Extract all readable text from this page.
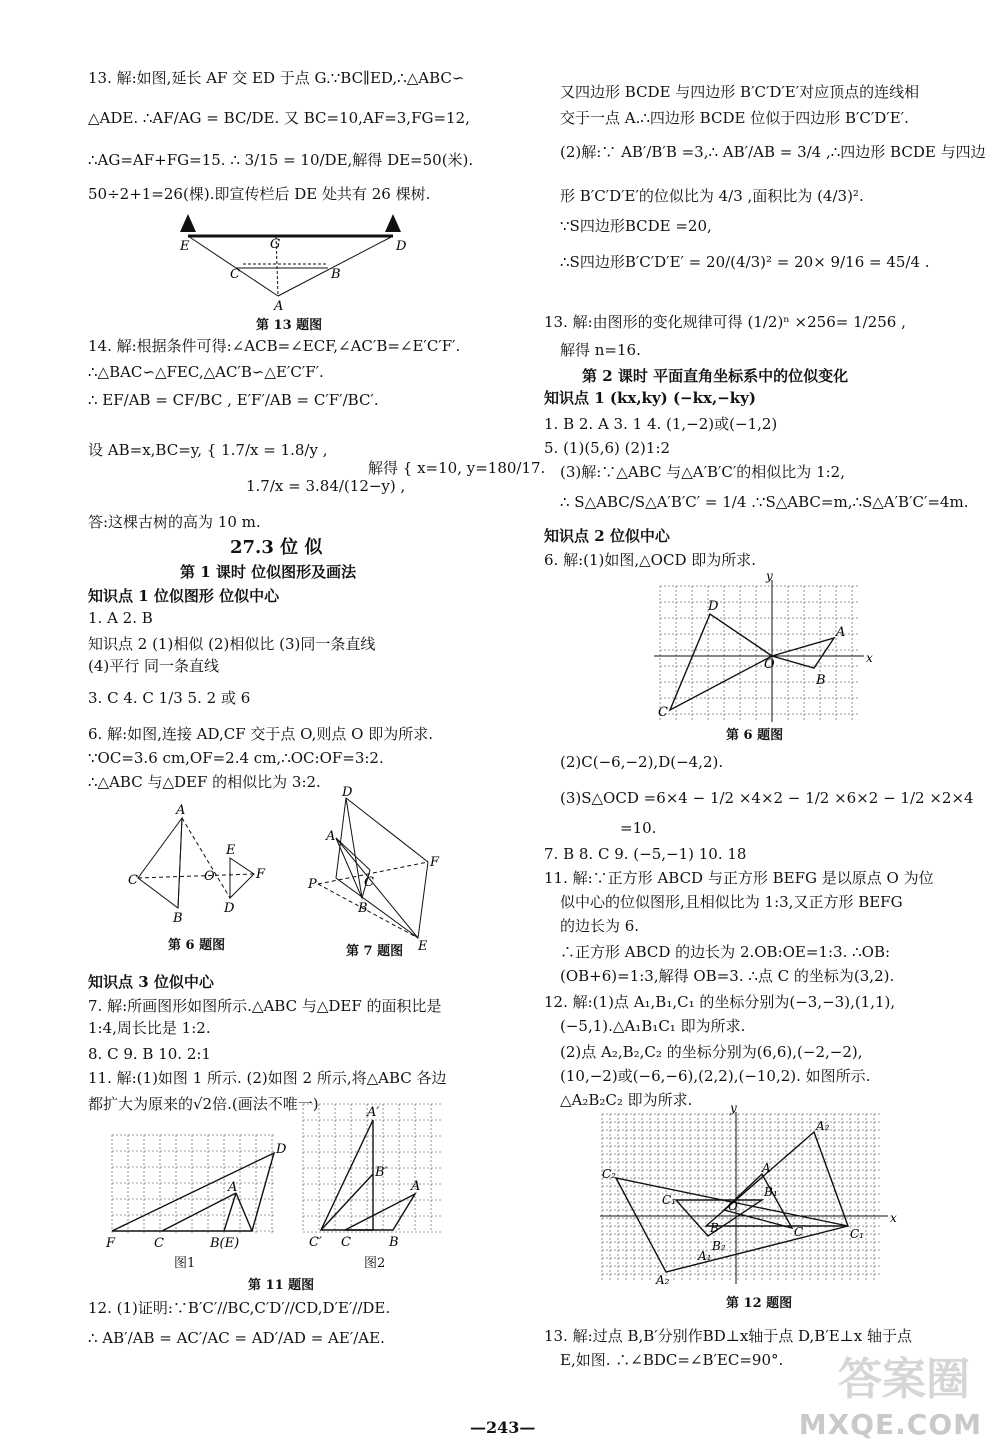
13. 解:如图,延长 AF 交 ED 于点 G.∵BC∥ED,∴△ABC∽
△ADE. ∴AF/AG = BC/DE. 又 BC=10,AF=3,FG=12,
∴AG=AF+FG=15. ∴ 3/15 = 10/DE,解得 DE=50(米).
50÷2+1=26(棵).即宣传栏后 DE 处共有 26 棵树.
E	D
G
C	B
A
第 13 题图
14. 解:根据条件可得:∠ACB=∠ECF,∠AC′B=∠E′C′F′.
∴△BAC∽△FEC,△AC′B∽△E′C′F′.
∴ EF/AB = CF/BC , E′F′/AB = C′F′/BC′.
设 AB=x,BC=y, { 1.7/x = 1.8/y ,
1.7/x = 3.84/(12−y) ,
解得 { x=10, y=180/17.
答:这棵古树的高为 10 m.
27.3 位 似
第 1 课时 位似图形及画法
知识点 1 位似图形 位似中心
1. A 2. B
知识点 2 (1)相似 (2)相似比 (3)同一条直线
(4)平行 同一条直线
3. C 4. C 1/3 5. 2 或 6
6. 解:如图,连接 AD,CF 交于点 O,则点 O 即为所求.
∵OC=3.6 cm,OF=2.4 cm,∴OC:OF=3:2.
∴△ABC 与△DEF 的相似比为 3:2.
A
C
B
E
F
D
O
D
F
E
A
C
B
P
第 6 题图	第 7 题图
知识点 3 位似中心
7. 解:所画图形如图所示.△ABC 与△DEF 的面积比是
1:4,周长比是 1:2.
8. C 9. B 10. 2:1
11. 解:(1)如图 1 所示. (2)如图 2 所示,将△ABC 各边
都扩大为原来的√2倍.(画法不唯一)
F	C	B(E)
D
A
图1
C′ C	B
A′
B′
A
图2
第 11 题图
12. (1)证明:∵B′C′//BC,C′D′//CD,D′E′//DE.
∴ AB′/AB = AC′/AC = AD′/AD = AE′/AE.
又四边形 BCDE 与四边形 B′C′D′E′对应顶点的连线相
交于一点 A.∴四边形 BCDE 位似于四边形 B′C′D′E′.
(2)解:∵ AB′/B′B =3,∴ AB′/AB = 3/4 ,∴四边形 BCDE 与四边
形 B′C′D′E′的位似比为 4/3 ,面积比为 (4/3)².
∵S四边形BCDE =20,
∴S四边形B′C′D′E′ = 20/(4/3)² = 20× 9/16 = 45/4 .
13. 解:由图形的变化规律可得 (1/2)ⁿ ×256= 1/256 ,
解得 n=16.
第 2 课时 平面直角坐标系中的位似变化
知识点 1 (kx,ky) (−kx,−ky)
1. B 2. A 3. 1 4. (1,−2)或(−1,2)
5. (1)(5,6) (2)1:2
(3)解:∵△ABC 与△A′B′C′的相似比为 1:2,
∴ S△ABC/S△A′B′C′ = 1/4 .∵S△ABC=m,∴S△A′B′C′=4m.
知识点 2 位似中心
6. 解:(1)如图,△OCD 即为所求.
x
y
D
A
O
B
C
第 6 题图
(2)C(−6,−2),D(−4,2).
(3)S△OCD =6×4 − 1/2 ×4×2 − 1/2 ×6×2 − 1/2 ×2×4
=10.
7. B 8. C 9. (−5,−1) 10. 18
11. 解:∵正方形 ABCD 与正方形 BEFG 是以原点 O 为位
似中心的位似图形,且相似比为 1:3,又正方形 BEFG
的边长为 6.
∴正方形 ABCD 的边长为 2.OB:OE=1:3. ∴OB:
(OB+6)=1:3,解得 OB=3. ∴点 C 的坐标为(3,2).
12. 解:(1)点 A₁,B₁,C₁ 的坐标分别为(−3,−3),(1,1),
(−5,1).△A₁B₁C₁ 即为所求.
(2)点 A₂,B₂,C₂ 的坐标分别为(6,6),(−2,−2),
(10,−2)或(−6,−6),(2,2),(−10,2). 如图所示.
△A₂B₂C₂ 即为所求.
x
y
A₂
C₂
C₁
A
B₁
O
B	C
B₂
A₁
A₂
C₁
第 12 题图
13. 解:过点 B,B′分别作BD⊥x轴于点 D,B′E⊥x 轴于点
E,如图. ∴∠BDC=∠B′EC=90°.
—243—
答案圈
MXQE.COM
